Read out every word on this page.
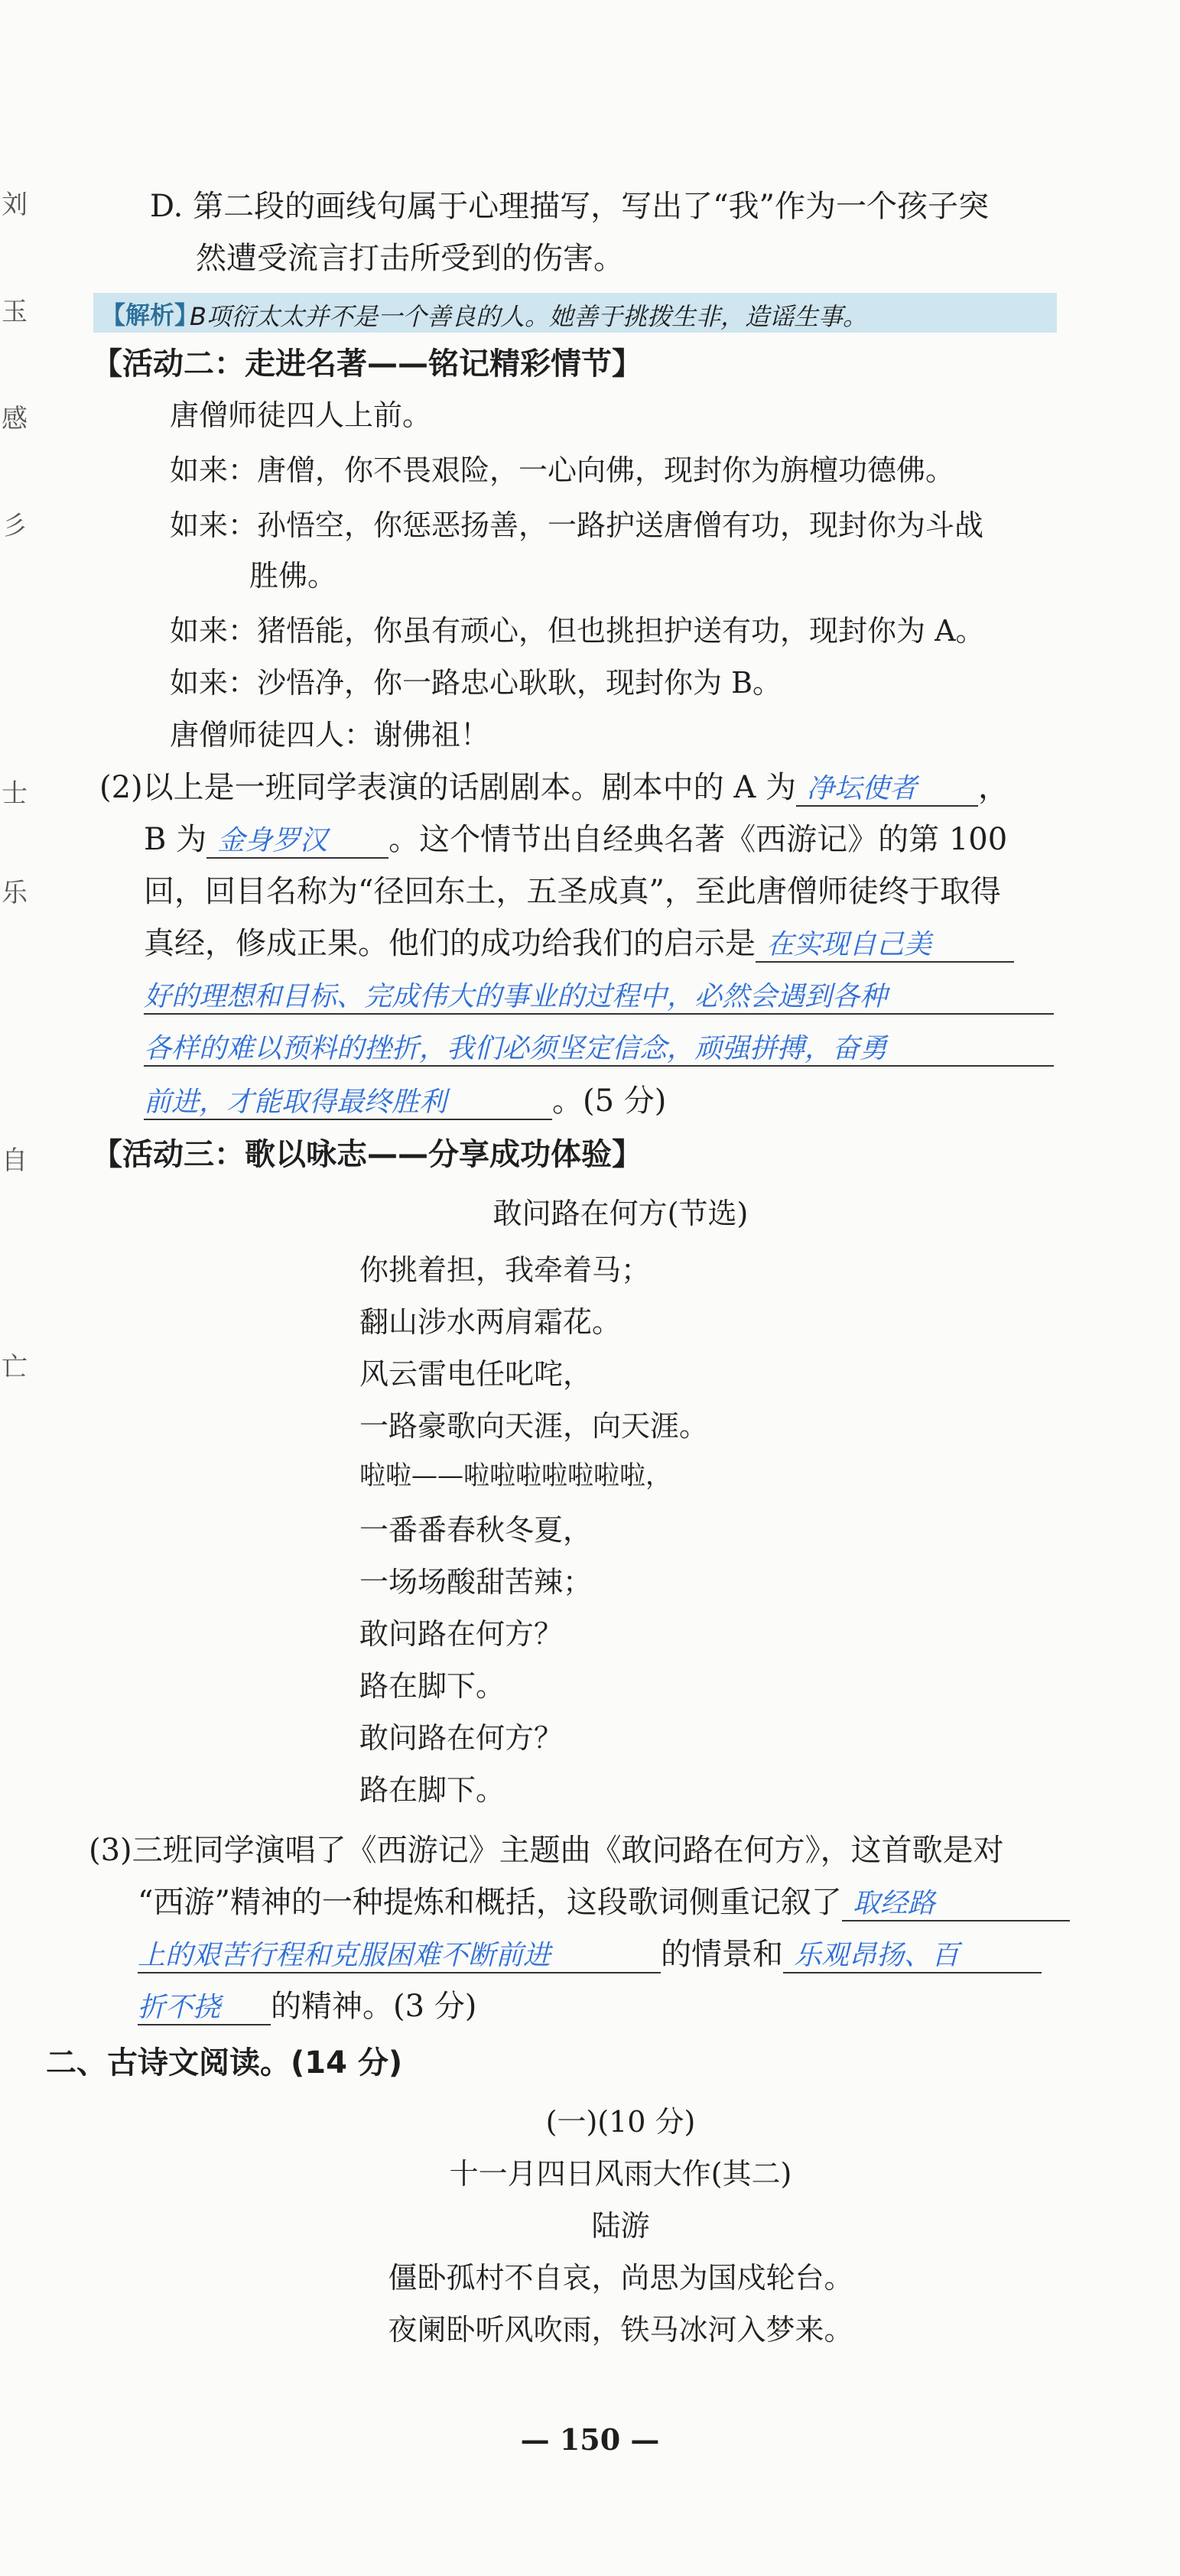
刘
玉
感
彡
士
乐
自
亡
D. 第二段的画线句属于心理描写，写出了“我”作为一个孩子突
然遭受流言打击所受到的伤害。
【解析】
B项衍太太并不是一个善良的人。她善于挑拨生非，造谣生事。
【活动二：走进名著——铭记精彩情节】
唐僧师徒四人上前。
如来：唐僧，你不畏艰险，一心向佛，现封你为旃檀功德佛。
如来：孙悟空，你惩恶扬善，一路护送唐僧有功，现封你为斗战
胜佛。
如来：猪悟能，你虽有顽心，但也挑担护送有功，现封你为 A。
如来：沙悟净，你一路忠心耿耿，现封你为 B。
唐僧师徒四人：谢佛祖！
(2)以上是一班同学表演的话剧剧本。剧本中的 A 为 净坛使者 ，
B 为 金身罗汉 。这个情节出自经典名著《西游记》的第 100
回，回目名称为“径回东土，五圣成真”，至此唐僧师徒终于取得
真经，修成正果。他们的成功给我们的启示是 在实现自己美
好的理想和目标、完成伟大的事业的过程中，必然会遇到各种
各样的难以预料的挫折，我们必须坚定信念，顽强拼搏，奋勇
前进，才能取得最终胜利	。(5 分)
【活动三：歌以咏志——分享成功体验】
敢问路在何方(节选)
你挑着担，我牵着马；
翻山涉水两肩霜花。
风云雷电任叱咤，
一路豪歌向天涯，向天涯。
啦啦——啦啦啦啦啦啦啦，
一番番春秋冬夏，
一场场酸甜苦辣；
敢问路在何方？
路在脚下。
敢问路在何方？
路在脚下。
(3)三班同学演唱了《西游记》主题曲《敢问路在何方》，这首歌是对
“西游”精神的一种提炼和概括，这段歌词侧重记叙了 取经路
上的艰苦行程和克服困难不断前进	的情景和 乐观昂扬、百
折不挠 的精神。(3 分)
二、古诗文阅读。(14 分)
(一)(10 分)
十一月四日风雨大作(其二)
陆游
僵卧孤村不自哀，尚思为国戍轮台。
夜阑卧听风吹雨，铁马冰河入梦来。
— 150 —
